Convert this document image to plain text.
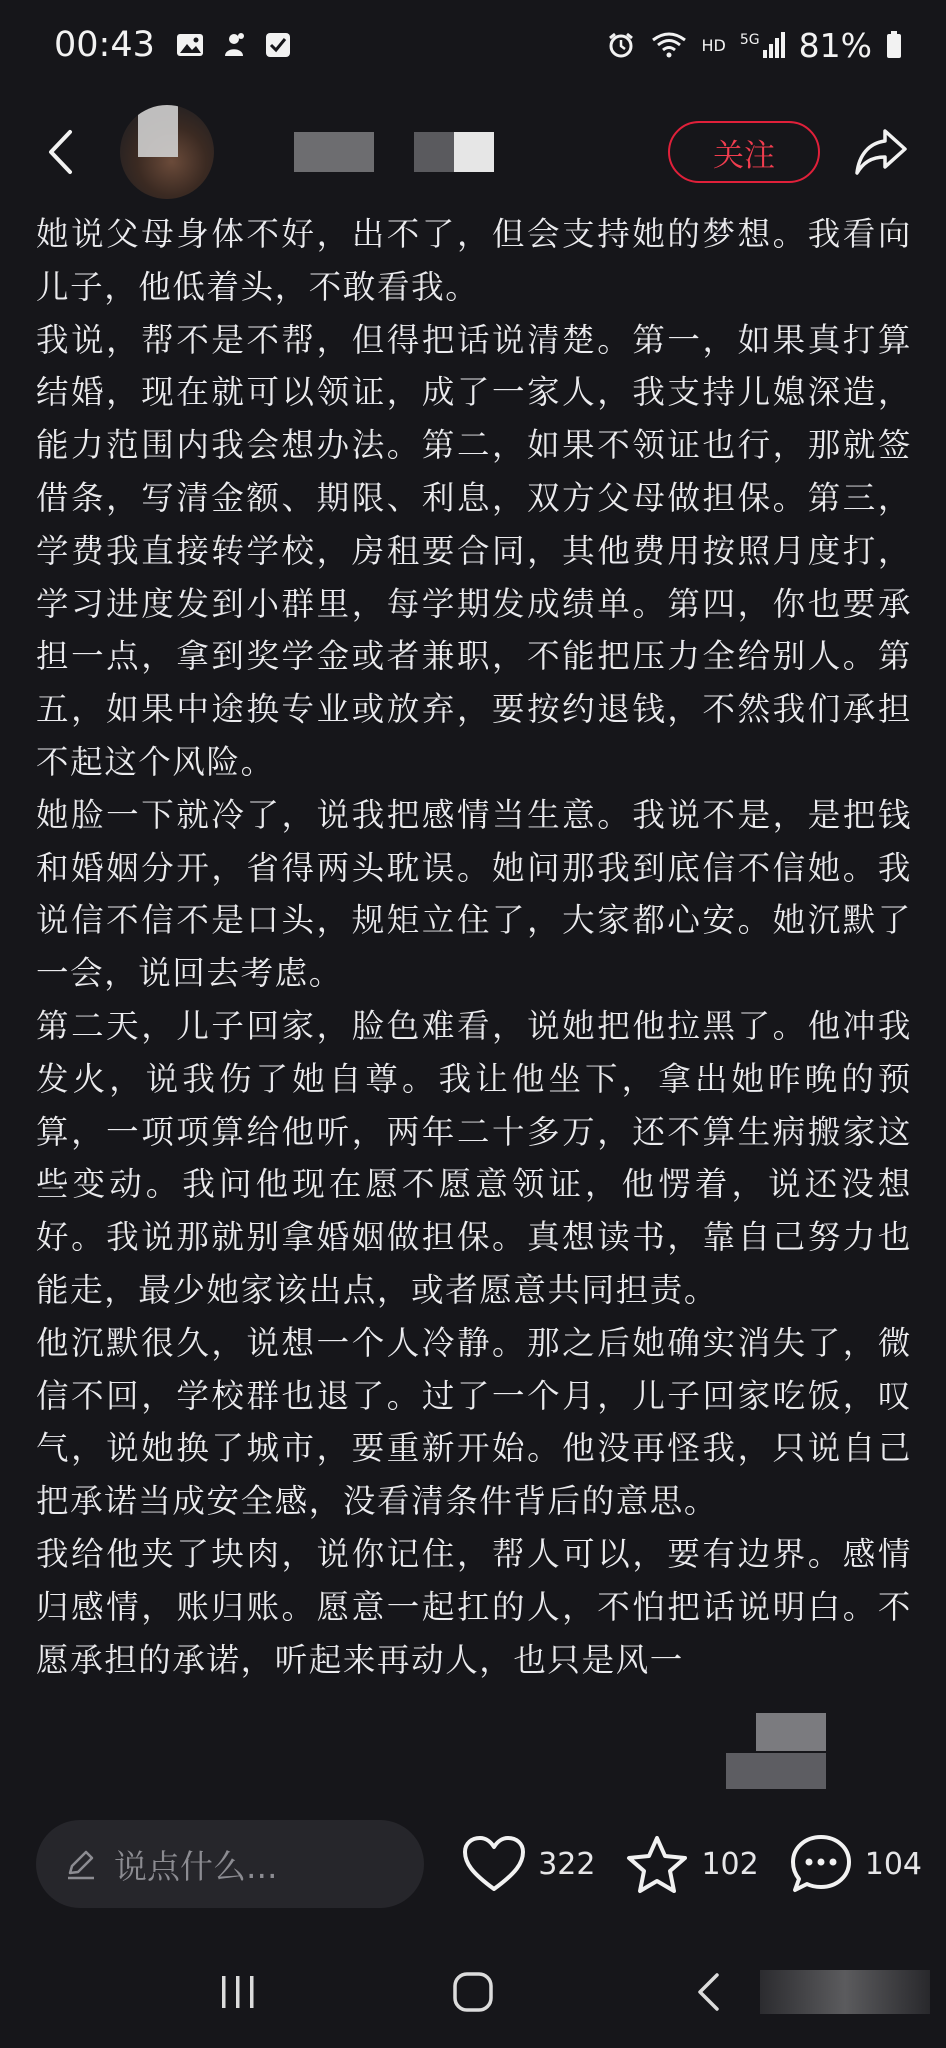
00:43	HD 5G 81%
关注

她说父母身体不好，出不了，但会支持她的梦想。我看向儿子，他低着头，不敢看我。

我说，帮不是不帮，但得把话说清楚。第一，如果真打算结婚，现在就可以领证，成了一家人，我支持儿媳深造，能力范围内我会想办法。第二，如果不领证也行，那就签借条，写清金额、期限、利息，双方父母做担保。第三，学费我直接转学校，房租要合同，其他费用按照月度打，学习进度发到小群里，每学期发成绩单。第四，你也要承担一点，拿到奖学金或者兼职，不能把压力全给别人。第五，如果中途换专业或放弃，要按约退钱，不然我们承担不起这个风险。

她脸一下就冷了，说我把感情当生意。我说不是，是把钱和婚姻分开，省得两头耽误。她问那我到底信不信她。我说信不信不是口头，规矩立住了，大家都心安。她沉默了一会，说回去考虑。

第二天，儿子回家，脸色难看，说她把他拉黑了。他冲我发火，说我伤了她自尊。我让他坐下，拿出她昨晚的预算，一项项算给他听，两年二十多万，还不算生病搬家这些变动。我问他现在愿不愿意领证，他愣着，说还没想好。我说那就别拿婚姻做担保。真想读书，靠自己努力也能走，最少她家该出点，或者愿意共同担责。

他沉默很久，说想一个人冷静。那之后她确实消失了，微信不回，学校群也退了。过了一个月，儿子回家吃饭，叹气，说她换了城市，要重新开始。他没再怪我，只说自己把承诺当成安全感，没看清条件背后的意思。

我给他夹了块肉，说你记住，帮人可以，要有边界。感情归感情，账归账。愿意一起扛的人，不怕把话说明白。不愿承担的承诺，听起来再动人，也只是风一

说点什么...	322	102	104
